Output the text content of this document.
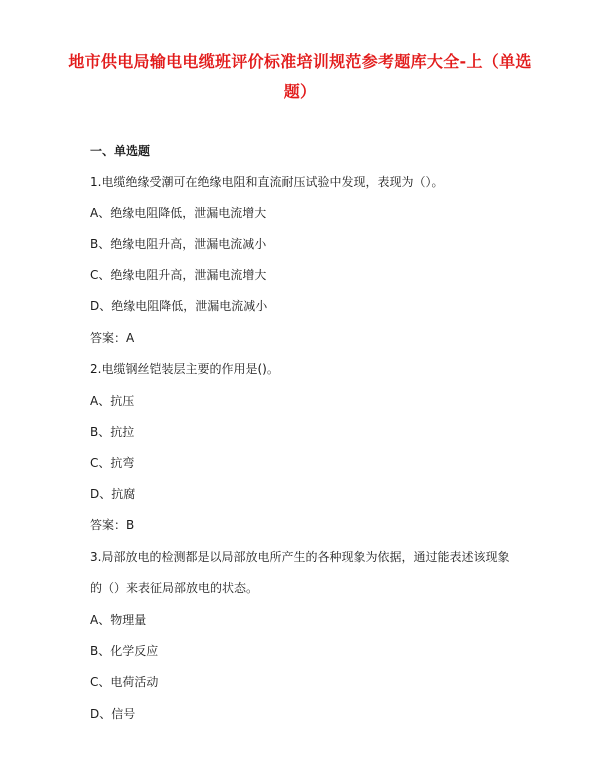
地市供电局输电电缆班评价标准培训规范参考题库大全-上（单选题）
一、单选题
1.电缆绝缘受潮可在绝缘电阻和直流耐压试验中发现，表现为（）。
A、绝缘电阻降低，泄漏电流增大
B、绝缘电阻升高，泄漏电流减小
C、绝缘电阻升高，泄漏电流增大
D、绝缘电阻降低，泄漏电流减小
答案：A
2.电缆钢丝铠装层主要的作用是()。
A、抗压
B、抗拉
C、抗弯
D、抗腐
答案：B
3.局部放电的检测都是以局部放电所产生的各种现象为依据，通过能表述该现象
的（）来表征局部放电的状态。
A、物理量
B、化学反应
C、电荷活动
D、信号
